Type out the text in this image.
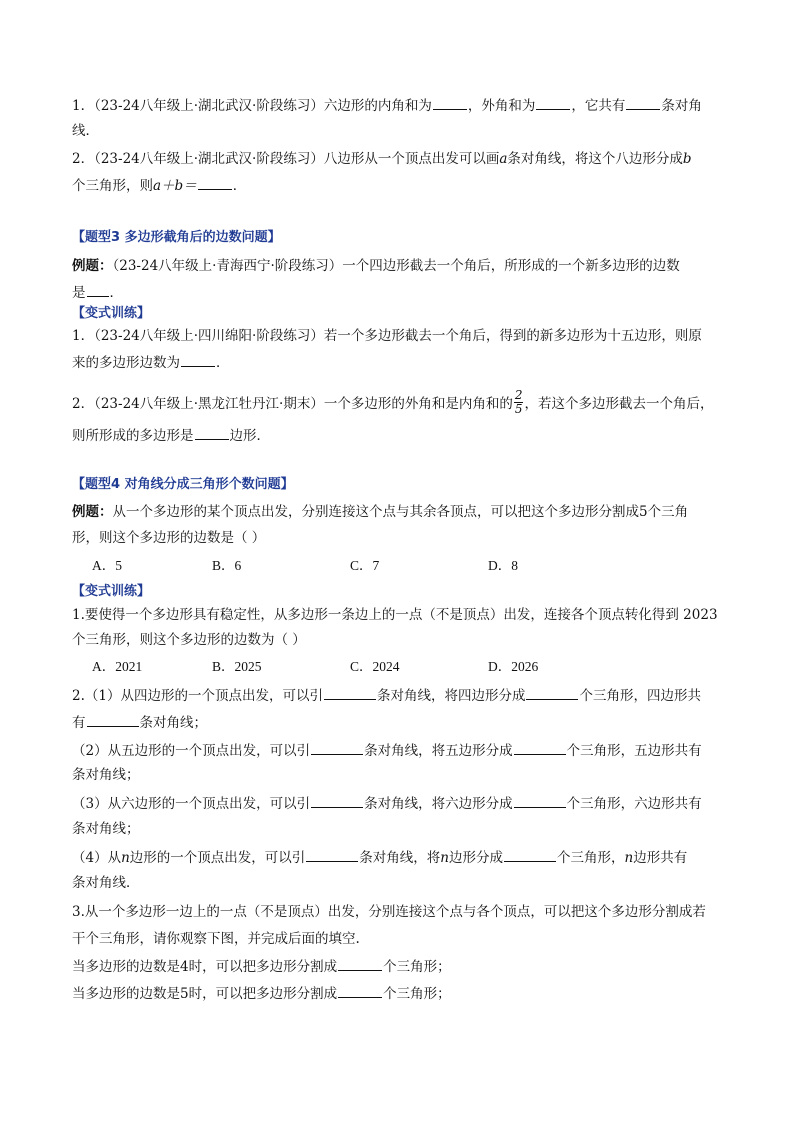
1．（23-24八年级上·湖北武汉·阶段练习）六边形的内角和为	，外角和为	，它共有	条对角
线．
2．（23-24八年级上·湖北武汉·阶段练习）八边形从一个顶点出发可以画a条对角线，将这个八边形分成b
个三角形，则a＋b＝	．
【题型3 多边形截角后的边数问题】
例题：（23-24八年级上·青海西宁·阶段练习）一个四边形截去一个角后，所形成的一个新多边形的边数
是 ．
【变式训练】
1．（23-24八年级上·四川绵阳·阶段练习）若一个多边形截去一个角后，得到的新多边形为十五边形，则原
来的多边形边数为	．
2．（23-24八年级上·黑龙江牡丹江·期末）一个多边形的外角和是内角和的 $\frac{2}{5}$ ，若这个多边形截去一个角后，
则所形成的多边形是	边形．
【题型4 对角线分成三角形个数问题】
例题：从一个多边形的某个顶点出发，分别连接这个点与其余各顶点，可以把这个多边形分割成5个三角
形，则这个多边形的边数是（ ）
A．5	B．6	C．7	D．8
【变式训练】
1.要使得一个多边形具有稳定性，从多边形一条边上的一点（不是顶点）出发，连接各个顶点转化得到 2023
个三角形，则这个多边形的边数为（ ）
A．2021	B．2025	C．2024	D．2026
2.（1）从四边形的一个顶点出发，可以引	条对角线，将四边形分成	个三角形，四边形共
有	条对角线；
（2）从五边形的一个顶点出发，可以引	条对角线，将五边形分成	个三角形，五边形共有
条对角线；
（3）从六边形的一个顶点出发，可以引	条对角线，将六边形分成	个三角形，六边形共有
条对角线；
（4）从n边形的一个顶点出发，可以引	条对角线，将n边形分成	个三角形，n边形共有
条对角线．
3.从一个多边形一边上的一点（不是顶点）出发，分别连接这个点与各个顶点，可以把这个多边形分割成若
干个三角形，请你观察下图，并完成后面的填空.
当多边形的边数是4时，可以把多边形分割成	个三角形；
当多边形的边数是5时，可以把多边形分割成	个三角形；
